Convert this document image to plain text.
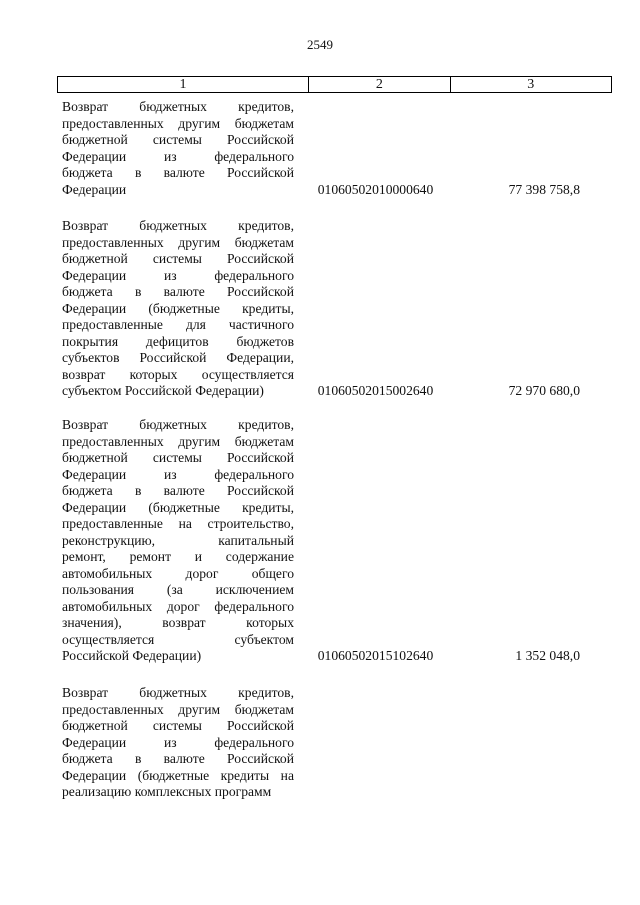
2549
1	2	3
Возврат бюджетных кредитов,
предоставленных другим бюджетам
бюджетной системы Российской
Федерации из федерального
бюджета в валюте Российской
Федерации	01060502010000640	77 398 758,8
Возврат бюджетных кредитов,
предоставленных другим бюджетам
бюджетной системы Российской
Федерации из федерального
бюджета в валюте Российской
Федерации (бюджетные кредиты,
предоставленные для частичного
покрытия дефицитов бюджетов
субъектов Российской Федерации,
возврат которых осуществляется
субъектом Российской Федерации)	01060502015002640	72 970 680,0
Возврат бюджетных кредитов,
предоставленных другим бюджетам
бюджетной системы Российской
Федерации из федерального
бюджета в валюте Российской
Федерации (бюджетные кредиты,
предоставленные на строительство,
реконструкцию, капитальный
ремонт, ремонт и содержание
автомобильных дорог общего
пользования (за исключением
автомобильных дорог федерального
значения), возврат которых
осуществляется субъектом
Российской Федерации)	01060502015102640	1 352 048,0
Возврат бюджетных кредитов,
предоставленных другим бюджетам
бюджетной системы Российской
Федерации из федерального
бюджета в валюте Российской
Федерации (бюджетные кредиты на
реализацию комплексных программ
